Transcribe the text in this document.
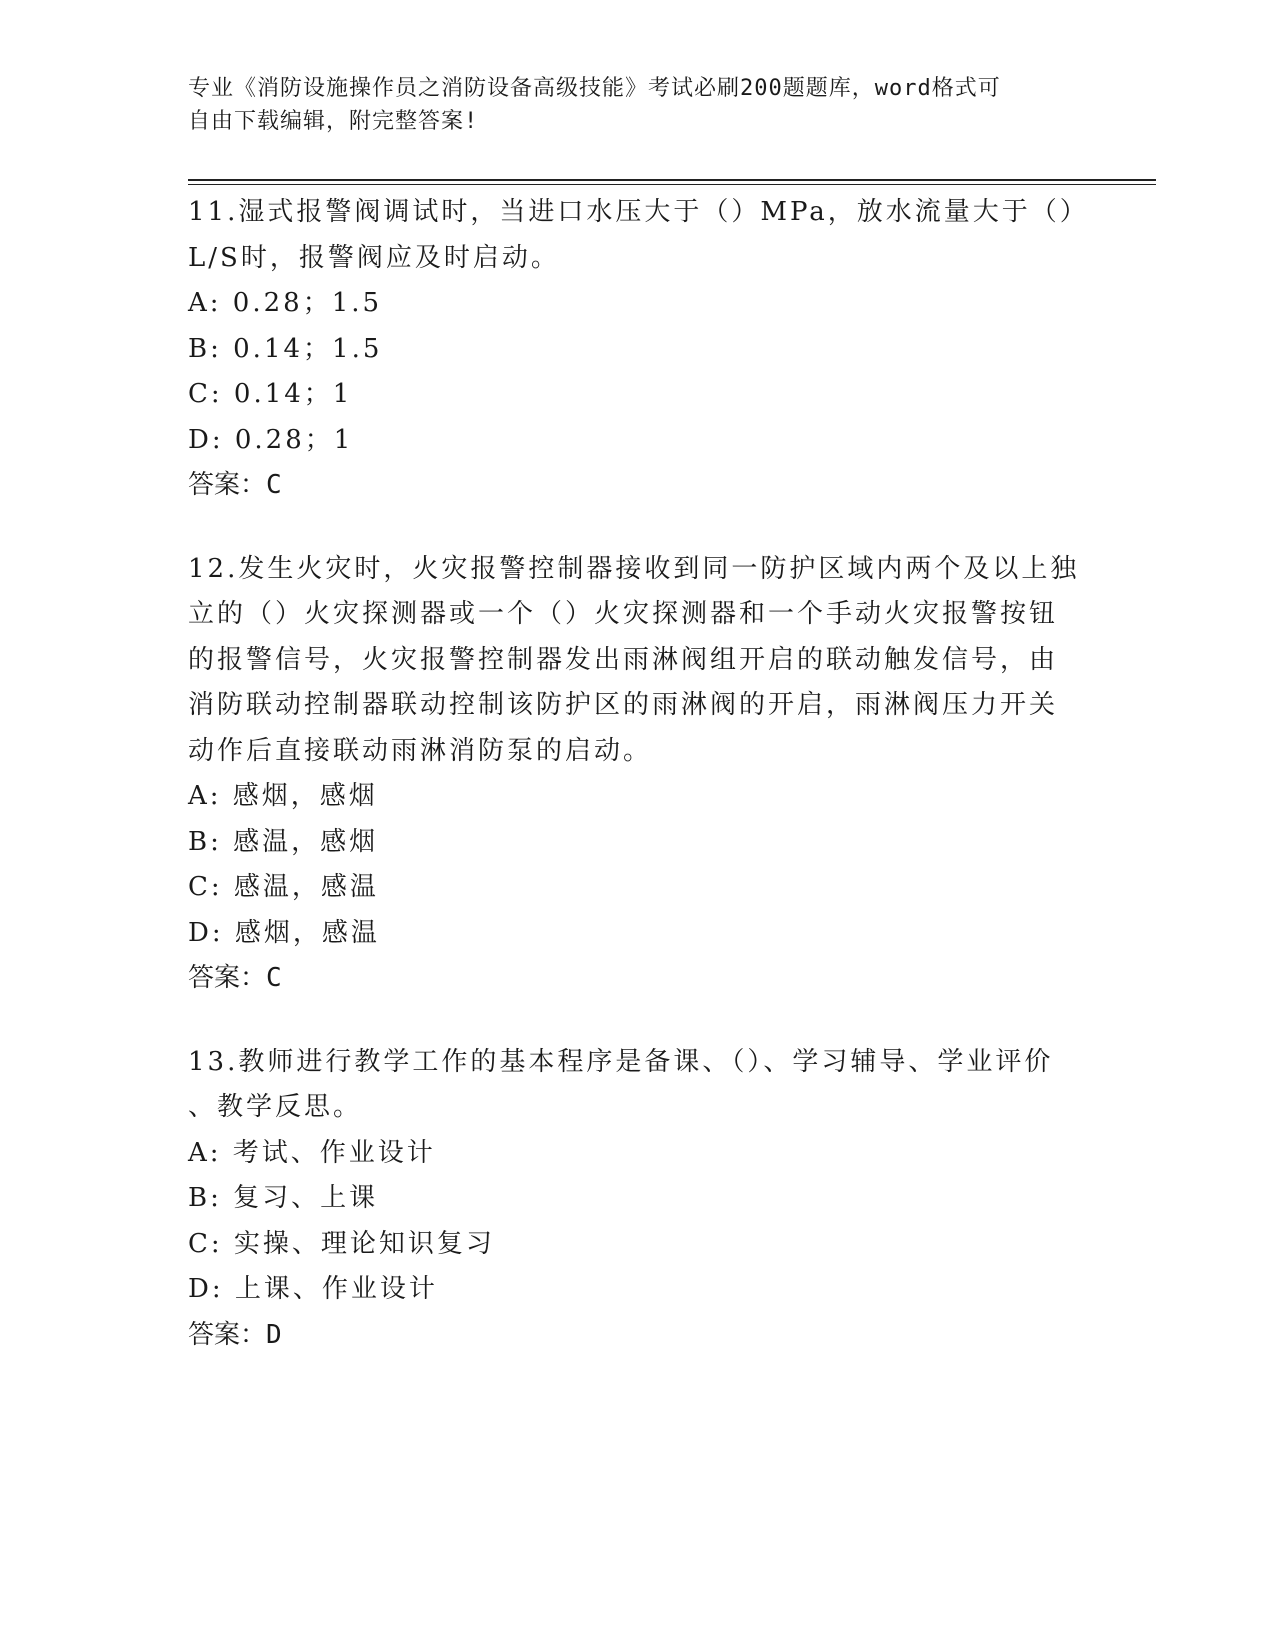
专业《消防设施操作员之消防设备高级技能》考试必刷200题题库，word格式可
自由下载编辑，附完整答案!

11.湿式报警阀调试时，当进口水压大于（）MPa，放水流量大于（）

L/S时，报警阀应及时启动。

A: 0.28；1.5

B: 0.14；1.5

C: 0.14；1

D: 0.28；1

答案：C

12.发生火灾时，火灾报警控制器接收到同一防护区域内两个及以上独

立的（）火灾探测器或一个（）火灾探测器和一个手动火灾报警按钮

的报警信号，火灾报警控制器发出雨淋阀组开启的联动触发信号，由

消防联动控制器联动控制该防护区的雨淋阀的开启，雨淋阀压力开关

动作后直接联动雨淋消防泵的启动。

A: 感烟，感烟

B: 感温，感烟

C: 感温，感温

D: 感烟，感温

答案：C

13.教师进行教学工作的基本程序是备课、（）、学习辅导、学业评价

、教学反思。

A: 考试、作业设计

B: 复习、上课

C: 实操、理论知识复习

D: 上课、作业设计

答案：D
